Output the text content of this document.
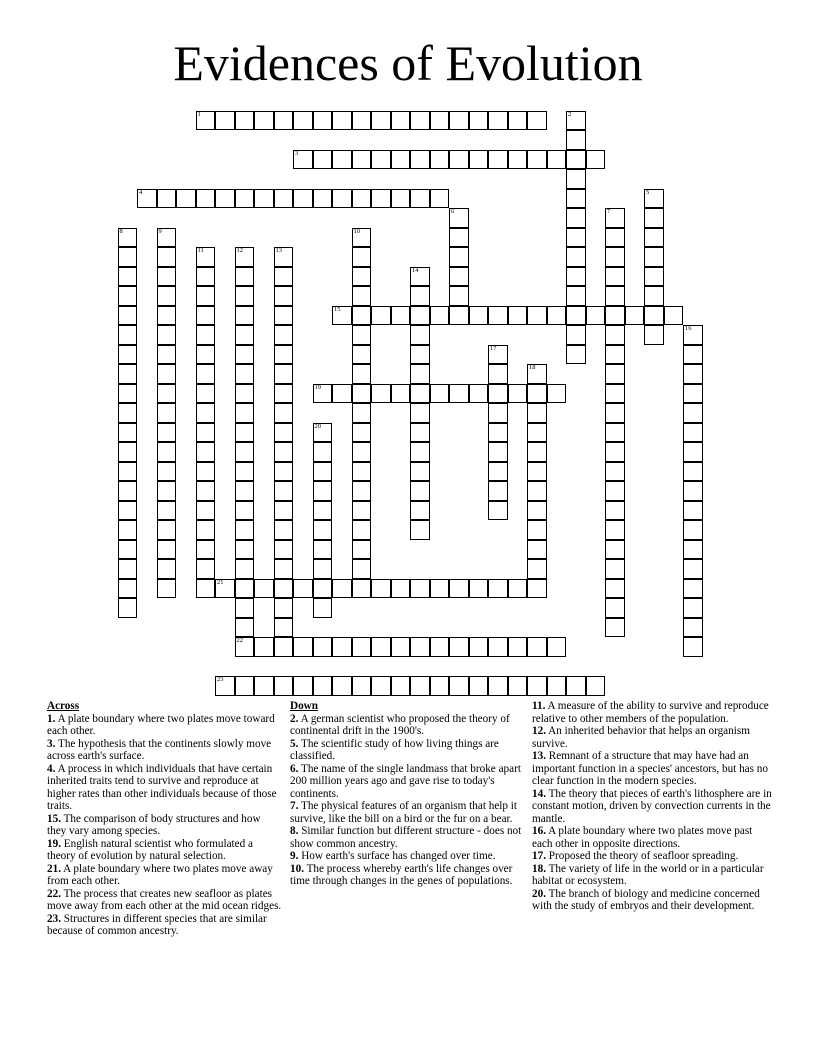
Evidences of Evolution
1	2
3
4	5
6	7
8	9	10
11	12
22
13
14
15
16
17
18
19
20
21
23
Across
1. A plate boundary where two plates move toward each other.
3. The hypothesis that the continents slowly move across earth's surface.
4. A process in which individuals that have certain inherited traits tend to survive and reproduce at higher rates than other individuals because of those traits.
15. The comparison of body structures and how they vary among species.
19. English natural scientist who formulated a theory of evolution by natural selection.
21. A plate boundary where two plates move away from each other.
22. The process that creates new seafloor as plates move away from each other at the mid ocean ridges.
23. Structures in different species that are similar because of common ancestry.
Down
2. A german scientist who proposed the theory of continental drift in the 1900's.
5. The scientific study of how living things are classified.
6. The name of the single landmass that broke apart 200 million years ago and gave rise to today's continents.
7. The physical features of an organism that help it survive, like the bill on a bird or the fur on a bear.
8. Similar function but different structure - does not show common ancestry.
9. How earth's surface has changed over time.
10. The process whereby earth's life changes over time through changes in the genes of populations.
11. A measure of the ability to survive and reproduce relative to other members of the population.
12. An inherited behavior that helps an organism survive.
13. Remnant of a structure that may have had an important function in a species' ancestors, but has no clear function in the modern species.
14. The theory that pieces of earth's lithosphere are in constant motion, driven by convection currents in the mantle.
16. A plate boundary where two plates move past each other in opposite directions.
17. Proposed the theory of seafloor spreading.
18. The variety of life in the world or in a particular habitat or ecosystem.
20. The branch of biology and medicine concerned with the study of embryos and their development.
